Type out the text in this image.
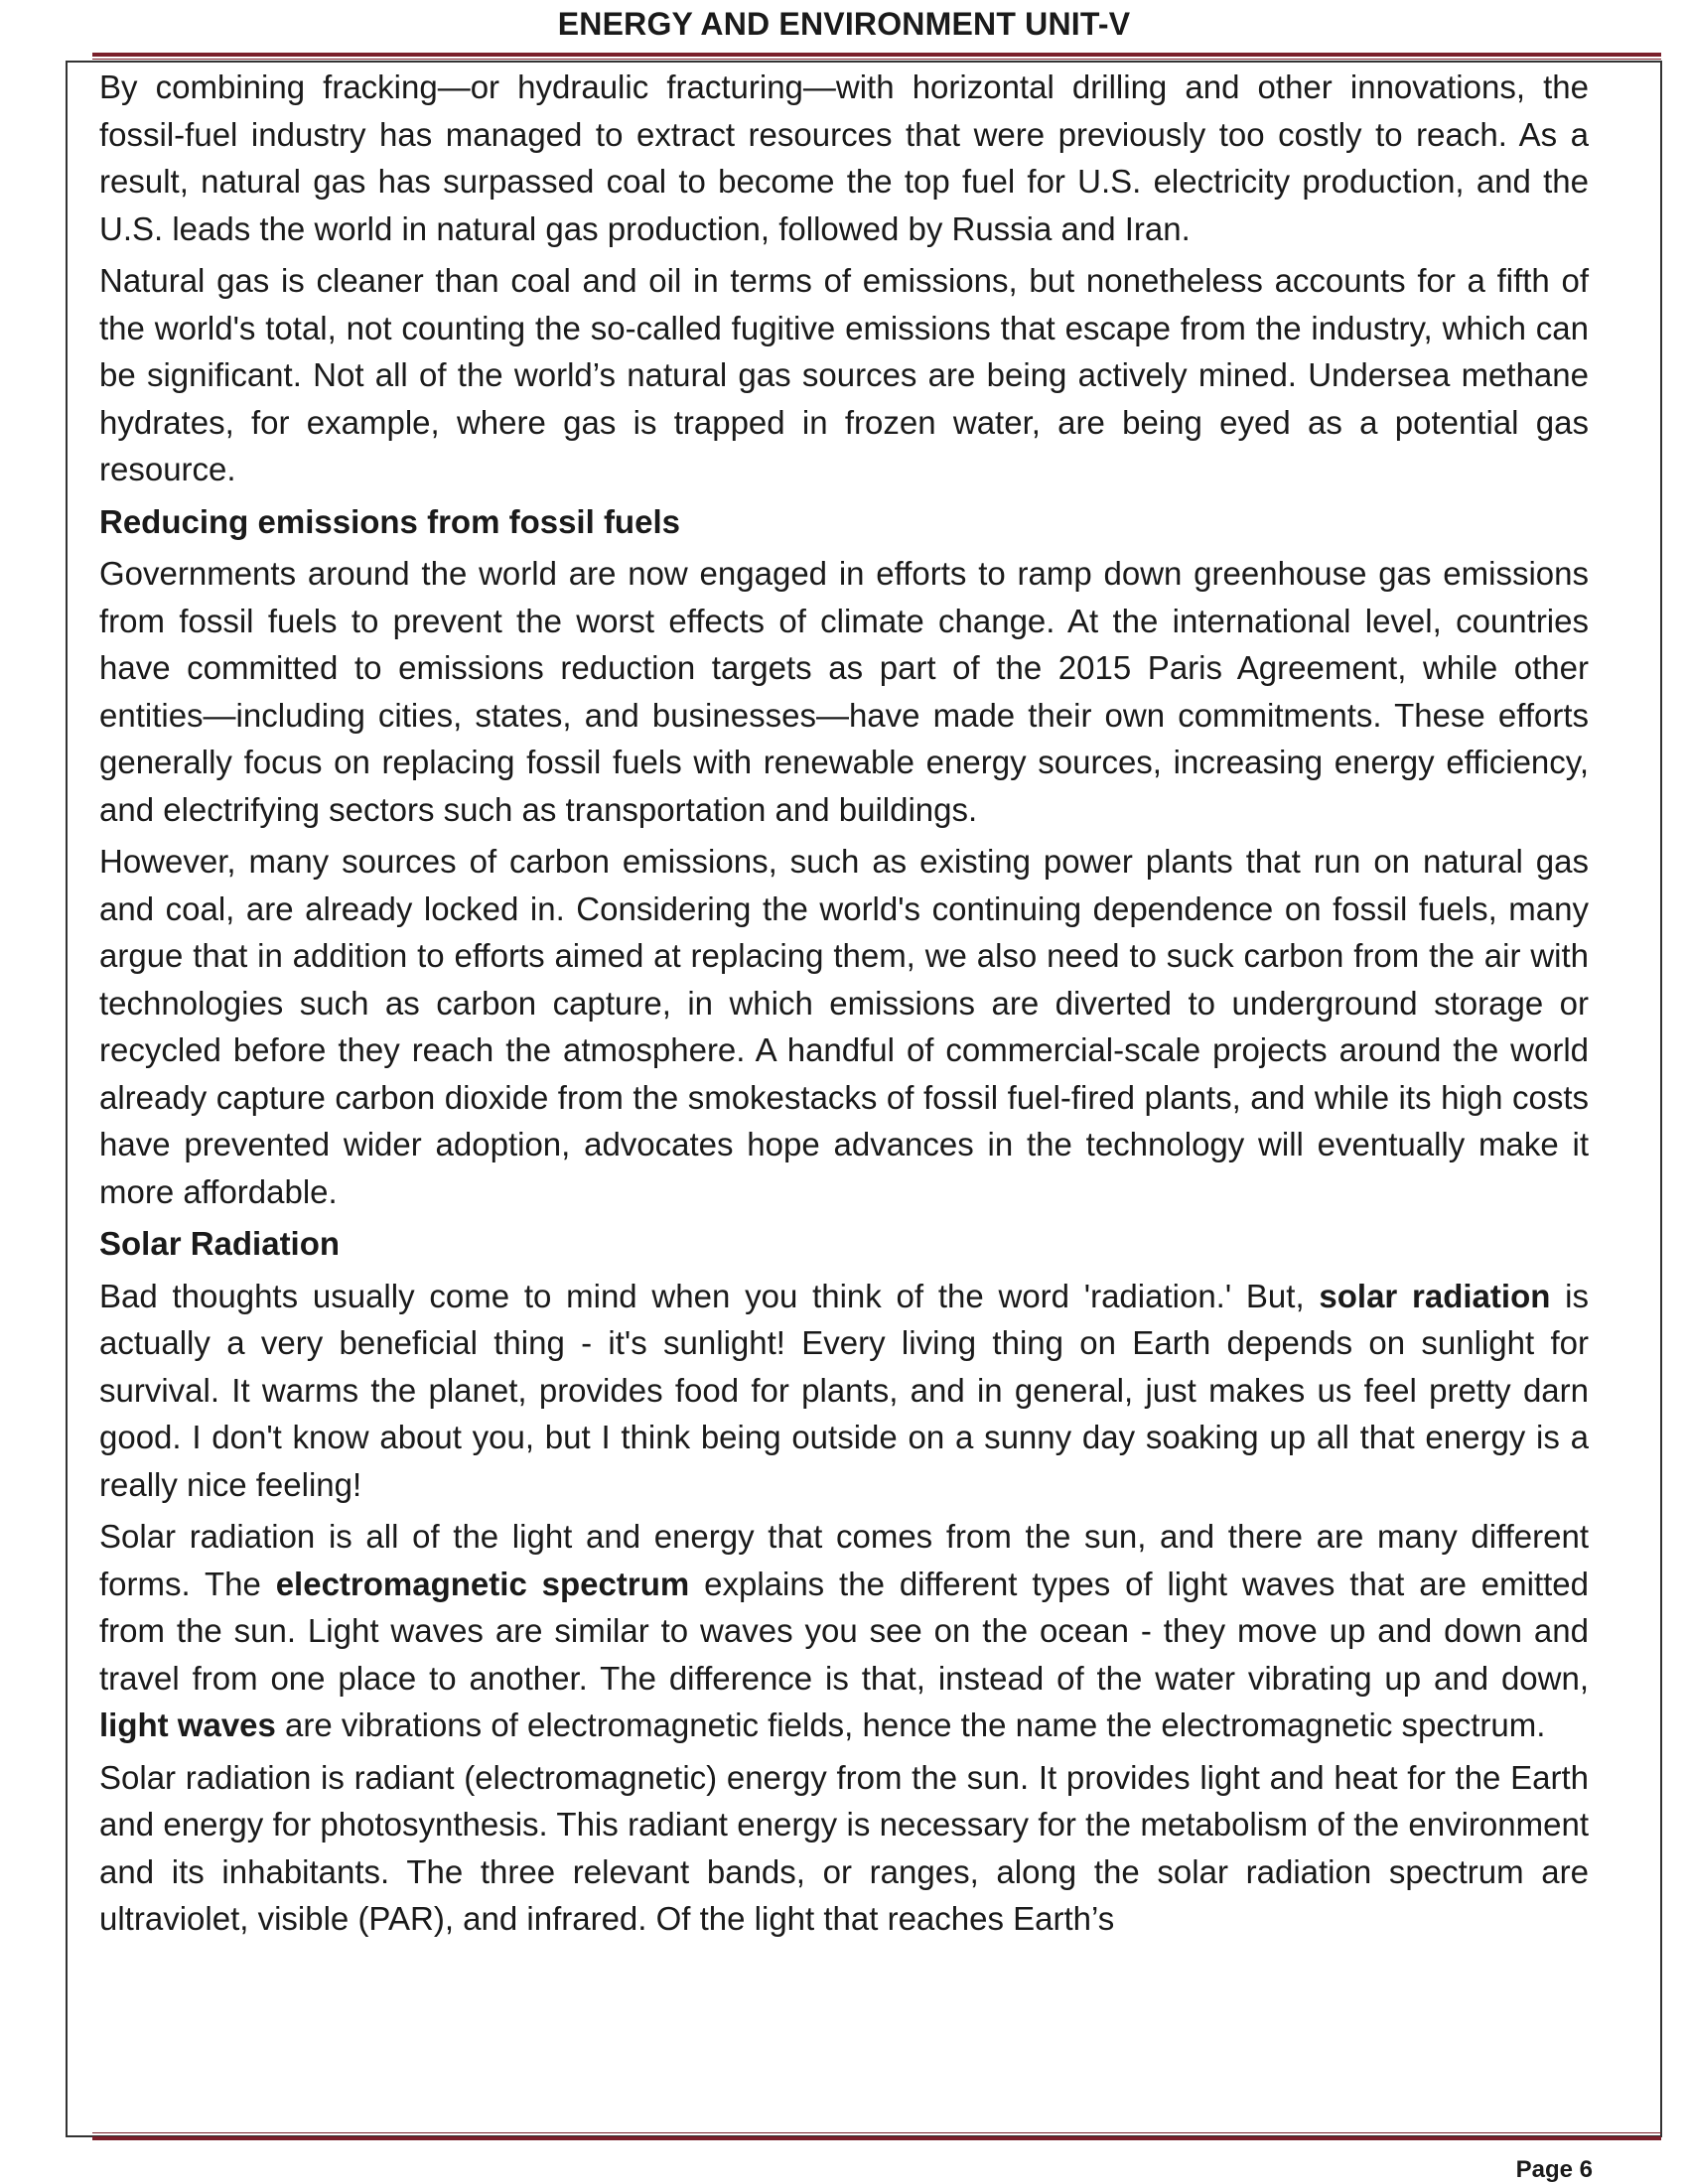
ENERGY AND ENVIRONMENT UNIT-V

By combining fracking—or hydraulic fracturing—with horizontal drilling and other innovations, the fossil-fuel industry has managed to extract resources that were previously too costly to reach. As a result, natural gas has surpassed coal to become the top fuel for U.S. electricity production, and the U.S. leads the world in natural gas production, followed by Russia and Iran.

Natural gas is cleaner than coal and oil in terms of emissions, but nonetheless accounts for a fifth of the world's total, not counting the so-called fugitive emissions that escape from the industry, which can be significant. Not all of the world’s natural gas sources are being actively mined. Undersea methane hydrates, for example, where gas is trapped in frozen water, are being eyed as a potential gas resource.

Reducing emissions from fossil fuels

Governments around the world are now engaged in efforts to ramp down greenhouse gas emissions from fossil fuels to prevent the worst effects of climate change. At the international level, countries have committed to emissions reduction targets as part of the 2015 Paris Agreement, while other entities—including cities, states, and businesses—have made their own commitments. These efforts generally focus on replacing fossil fuels with renewable energy sources, increasing energy efficiency, and electrifying sectors such as transportation and buildings.

However, many sources of carbon emissions, such as existing power plants that run on natural gas and coal, are already locked in. Considering the world's continuing dependence on fossil fuels, many argue that in addition to efforts aimed at replacing them, we also need to suck carbon from the air with technologies such as carbon capture, in which emissions are diverted to underground storage or recycled before they reach the atmosphere. A handful of commercial-scale projects around the world already capture carbon dioxide from the smokestacks of fossil fuel-fired plants, and while its high costs have prevented wider adoption, advocates hope advances in the technology will eventually make it more affordable.

Solar Radiation

Bad thoughts usually come to mind when you think of the word 'radiation.' But, solar radiation is actually a very beneficial thing - it's sunlight! Every living thing on Earth depends on sunlight for survival. It warms the planet, provides food for plants, and in general, just makes us feel pretty darn good. I don't know about you, but I think being outside on a sunny day soaking up all that energy is a really nice feeling!

Solar radiation is all of the light and energy that comes from the sun, and there are many different forms. The electromagnetic spectrum explains the different types of light waves that are emitted from the sun. Light waves are similar to waves you see on the ocean - they move up and down and travel from one place to another. The difference is that, instead of the water vibrating up and down, light waves are vibrations of electromagnetic fields, hence the name the electromagnetic spectrum.

Solar radiation is radiant (electromagnetic) energy from the sun. It provides light and heat for the Earth and energy for photosynthesis. This radiant energy is necessary for the metabolism of the environment and its inhabitants. The three relevant bands, or ranges, along the solar radiation spectrum are ultraviolet, visible (PAR), and infrared. Of the light that reaches Earth’s

Page 6
